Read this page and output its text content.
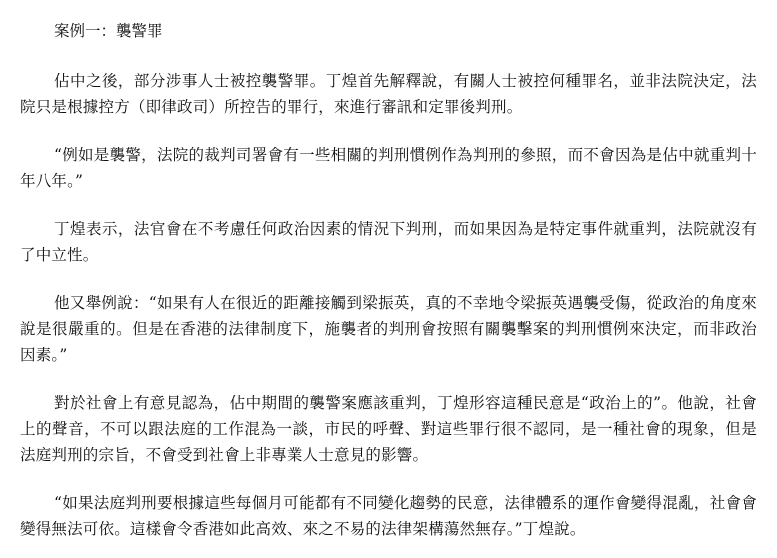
案例一：襲警罪

佔中之後，部分涉事人士被控襲警罪。丁煌首先解釋說，有關人士被控何種罪名，並非法院決定，法院只是根據控方（即律政司）所控告的罪行，來進行審訊和定罪後判刑。

“例如是襲警，法院的裁判司署會有一些相關的判刑慣例作為判刑的參照，而不會因為是佔中就重判十年八年。”

丁煌表示，法官會在不考慮任何政治因素的情況下判刑，而如果因為是特定事件就重判，法院就沒有了中立性。

他又舉例說：“如果有人在很近的距離接觸到梁振英，真的不幸地令梁振英遇襲受傷，從政治的角度來說是很嚴重的。但是在香港的法律制度下，施襲者的判刑會按照有關襲擊案的判刑慣例來決定，而非政治因素。”

對於社會上有意見認為，佔中期間的襲警案應該重判，丁煌形容這種民意是“政治上的”。他說，社會上的聲音，不可以跟法庭的工作混為一談，市民的呼聲、對這些罪行很不認同，是一種社會的現象，但是法庭判刑的宗旨，不會受到社會上非專業人士意見的影響。

“如果法庭判刑要根據這些每個月可能都有不同變化趨勢的民意，法律體系的運作會變得混亂，社會會變得無法可依。這樣會令香港如此高效、來之不易的法律架構蕩然無存。”丁煌說。
